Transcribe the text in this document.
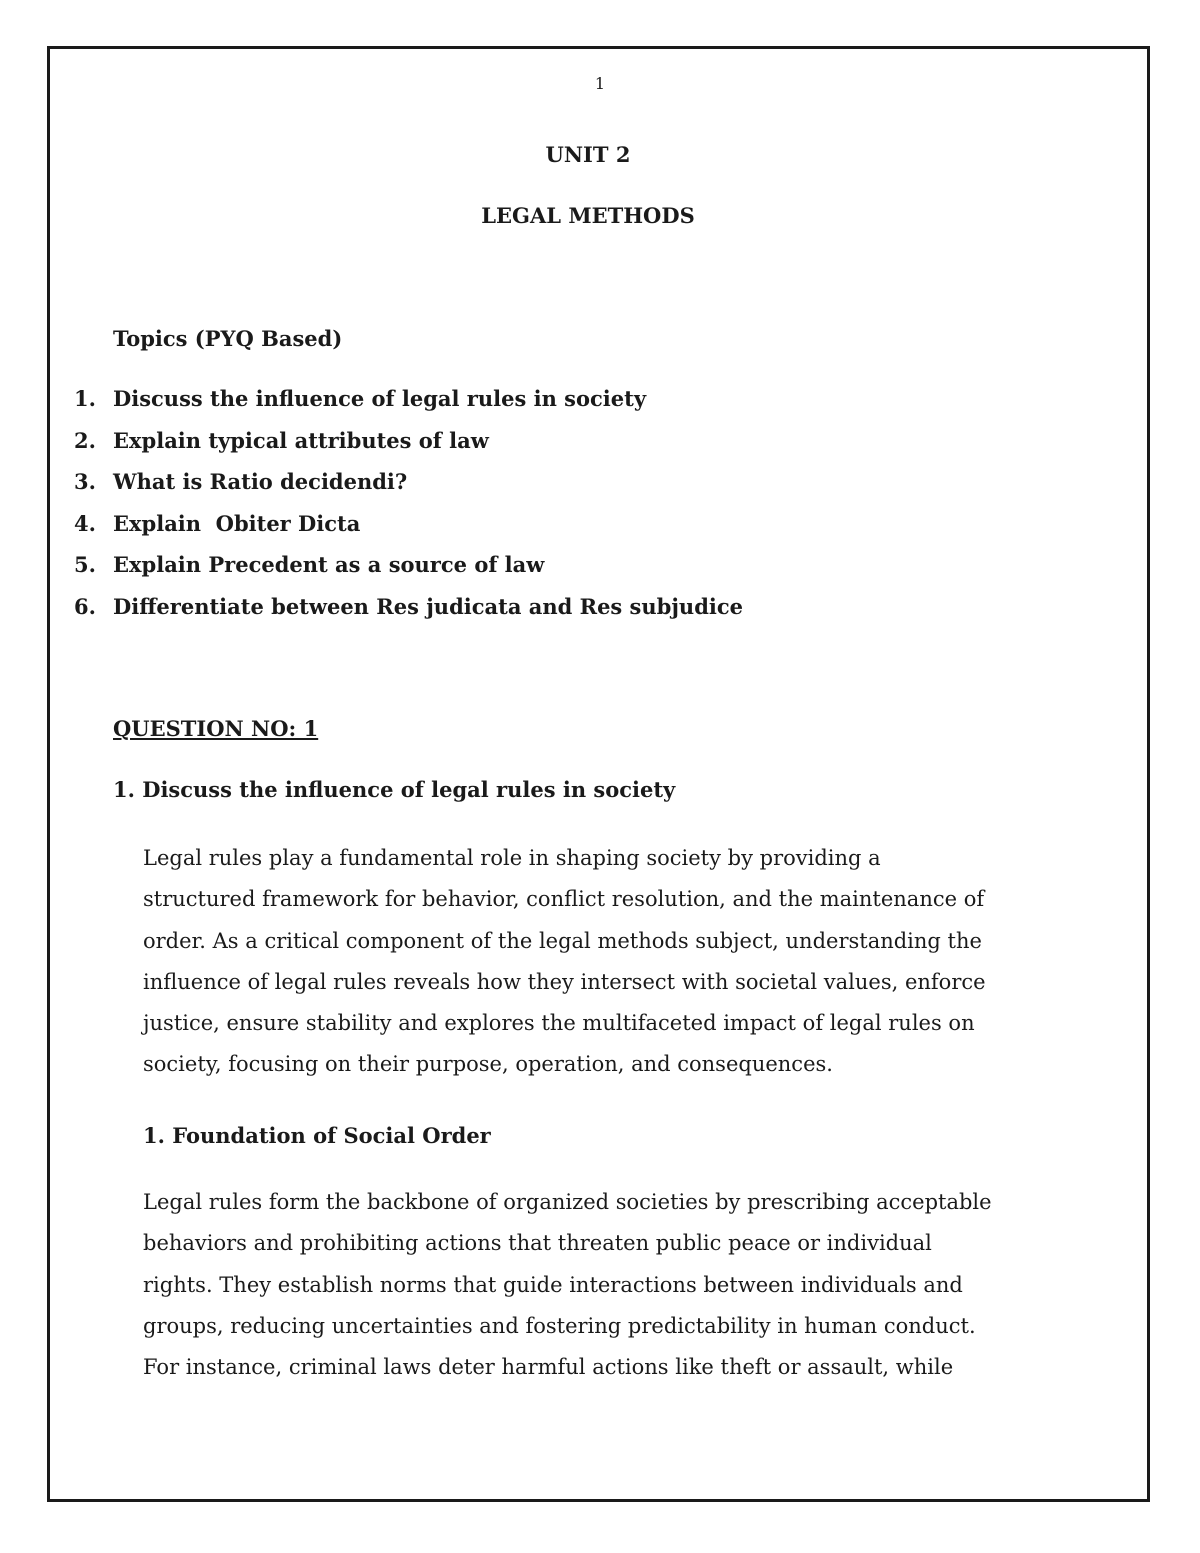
1
UNIT 2
LEGAL METHODS
Topics (PYQ Based)
1. Discuss the influence of legal rules in society
2. Explain typical attributes of law
3. What is Ratio decidendi?
4. Explain  Obiter Dicta
5. Explain Precedent as a source of law
6. Differentiate between Res judicata and Res subjudice
QUESTION NO: 1
1. Discuss the influence of legal rules in society
Legal rules play a fundamental role in shaping society by providing a
structured framework for behavior, conflict resolution, and the maintenance of
order. As a critical component of the legal methods subject, understanding the
influence of legal rules reveals how they intersect with societal values, enforce
justice, ensure stability and explores the multifaceted impact of legal rules on
society, focusing on their purpose, operation, and consequences.
1. Foundation of Social Order
Legal rules form the backbone of organized societies by prescribing acceptable
behaviors and prohibiting actions that threaten public peace or individual
rights. They establish norms that guide interactions between individuals and
groups, reducing uncertainties and fostering predictability in human conduct.
For instance, criminal laws deter harmful actions like theft or assault, while
